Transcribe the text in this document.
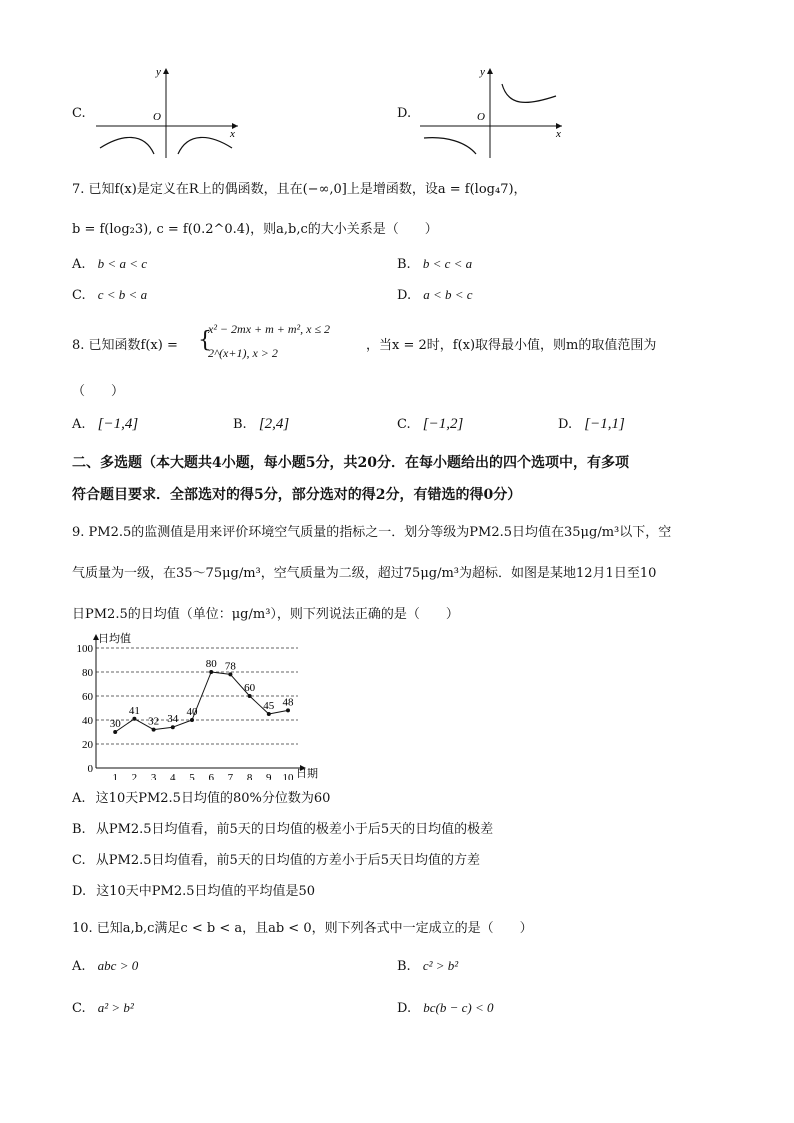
C.
x
y
O	D.
x
y
O
7. 已知f(x)是定义在R上的偶函数，且在(−∞,0]上是增函数，设a = f(log₄7)，
b = f(log₂3), c = f(0.2^0.4)，则a,b,c的大小关系是（　　）
A. b < a < c	B. b < c < a
C. c < b < a	D. a < b < c
8. 已知函数f(x) = {
x² − 2mx + m + m², x ≤ 2
2^(x+1), x > 2	，当x = 2时，f(x)取得最小值，则m的取值范围为
（　　）
A. [−1,4]	B. [2,4]	C. [−1,2]	D. [−1,1]
二、多选题（本大题共4小题，每小题5分，共20分．在每小题给出的四个选项中，有多项
符合题目要求．全部选对的得5分，部分选对的得2分，有错选的得0分）
9. PM2.5的监测值是用来评价环境空气质量的指标之一．划分等级为PM2.5日均值在35μg/m³以下，空
气质量为一级，在35～75μg/m³，空气质量为二级，超过75μg/m³为超标．如图是某地12月1日至10
日PM2.5的日均值（单位：μg/m³），则下列说法正确的是（　　）
日均值
日期
0
20
40
60
80
100
1 2 3 4 5 6 7 8 9 10
30
41
32 34
40
80 78
60
45 48
A. 这10天PM2.5日均值的80%分位数为60
B. 从PM2.5日均值看，前5天的日均值的极差小于后5天的日均值的极差
C. 从PM2.5日均值看，前5天的日均值的方差小于后5天日均值的方差
D. 这10天中PM2.5日均值的平均值是50
10. 已知a,b,c满足c < b < a，且ab < 0，则下列各式中一定成立的是（　　）
A. abc > 0	B. c² > b²
C. a² > b²	D. bc(b − c) < 0
